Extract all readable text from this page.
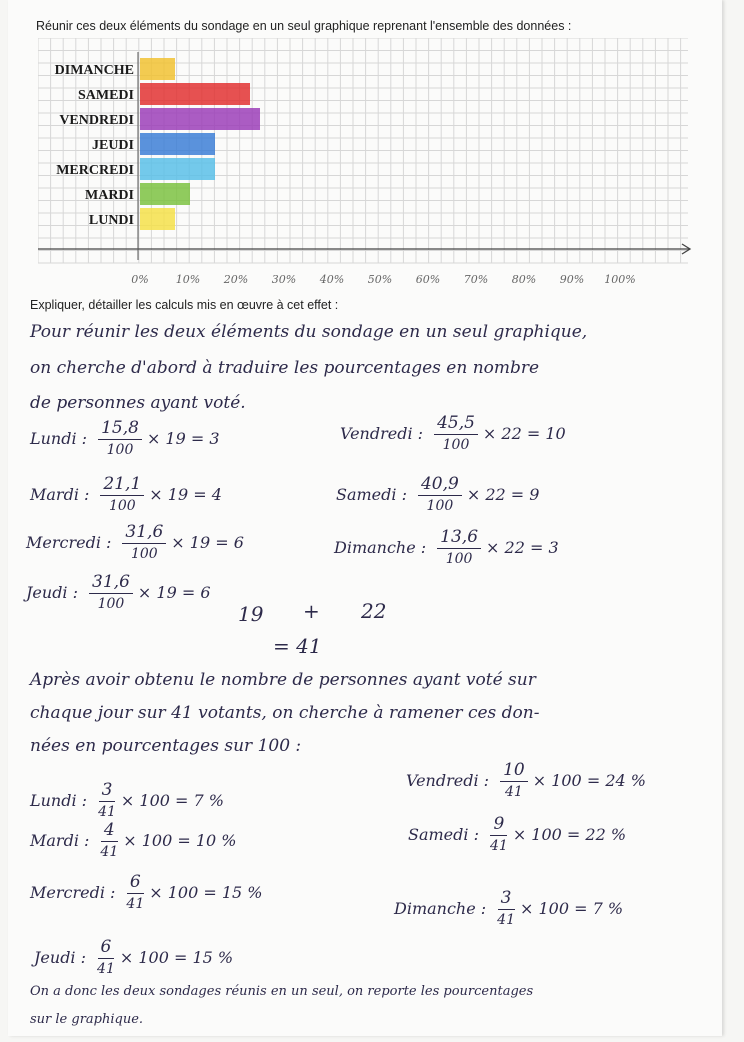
Réunir ces deux éléments du sondage en un seul graphique reprenant l'ensemble des données :
DIMANCHE
SAMEDI
VENDREDI
JEUDI
MERCREDI
MARDI
LUNDI
0% 10% 20% 30% 40% 50% 60% 70% 80% 90% 100%
Expliquer, détailler les calculs mis en œuvre à cet effet :
Pour réunir les deux éléments du sondage en un seul graphique,
on cherche d'abord à traduire les pourcentages en nombre
de personnes ayant voté.
Lundi : $\frac{15,8}{100} \times 19 = 3$
Mardi : $\frac{21,1}{100} \times 19 = 4$
Mercredi : $\frac{31,6}{100} \times 19 = 6$
Jeudi : $\frac{31,6}{100} \times 19 = 6$
Vendredi : $\frac{45,5}{100} \times 22 = 10$
Samedi : $\frac{40,9}{100} \times 22 = 9$
Dimanche : $\frac{13,6}{100} \times 22 = 3$
19 + 22
= 41
Après avoir obtenu le nombre de personnes ayant voté sur
chaque jour sur 41 votants, on cherche à ramener ces don-
nées en pourcentages sur 100 :
Lundi : $\frac{3}{41} \times 100 = 7$ %
Mardi : $\frac{4}{41} \times 100 = 10$ %
Mercredi : $\frac{6}{41} \times 100 = 15$ %
Jeudi : $\frac{6}{41} \times 100 = 15$ %
Vendredi : $\frac{10}{41} \times 100 = 24$ %
Samedi : $\frac{9}{41} \times 100 = 22$ %
Dimanche : $\frac{3}{41} \times 100 = 7$ %
On a donc les deux sondages réunis en un seul, on reporte les pourcentages
sur le graphique.
